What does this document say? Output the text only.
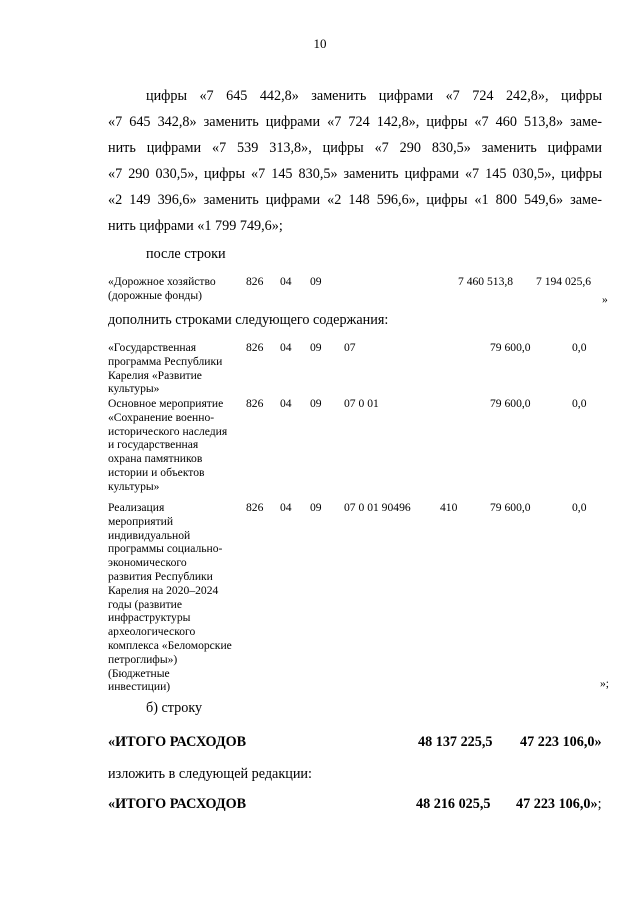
10
цифры «7 645 442,8» заменить цифрами «7 724 242,8», цифры
«7 645 342,8» заменить цифрами «7 724 142,8», цифры «7 460 513,8» заме-
нить цифрами «7 539 313,8», цифры «7 290 830,5» заменить цифрами
«7 290 030,5», цифры «7 145 830,5» заменить цифрами «7 145 030,5», цифры
«2 149 396,6» заменить цифрами «2 148 596,6», цифры «1 800 549,6» заме-
нить цифрами «1 799 749,6»;
после строки
«Дорожное хозяйство (дорожные фонды)
826 04 09	7 460 513,8 7 194 025,6
»
дополнить строками следующего содержания:
«Государственная программа Республики Карелия «Развитие культуры»
826 04 09 07	79 600,0	0,0
Основное мероприятие «Сохранение военно-исторического наследия и государственная охрана памятников истории и объектов культуры»
826 04 09 07 0 01	79 600,0	0,0
Реализация мероприятий индивидуальной программы социально-экономического развития Республики Карелия на 2020–2024 годы (развитие инфраструктуры археологического комплекса «Беломорские петроглифы») (Бюджетные инвестиции)
826 04 09 07 0 01 90496	410	79 600,0	0,0
»;
б) строку
«ИТОГО РАСХОДОВ	48 137 225,5 47 223 106,0»
изложить в следующей редакции:
«ИТОГО РАСХОДОВ	48 216 025,5 47 223 106,0»;
